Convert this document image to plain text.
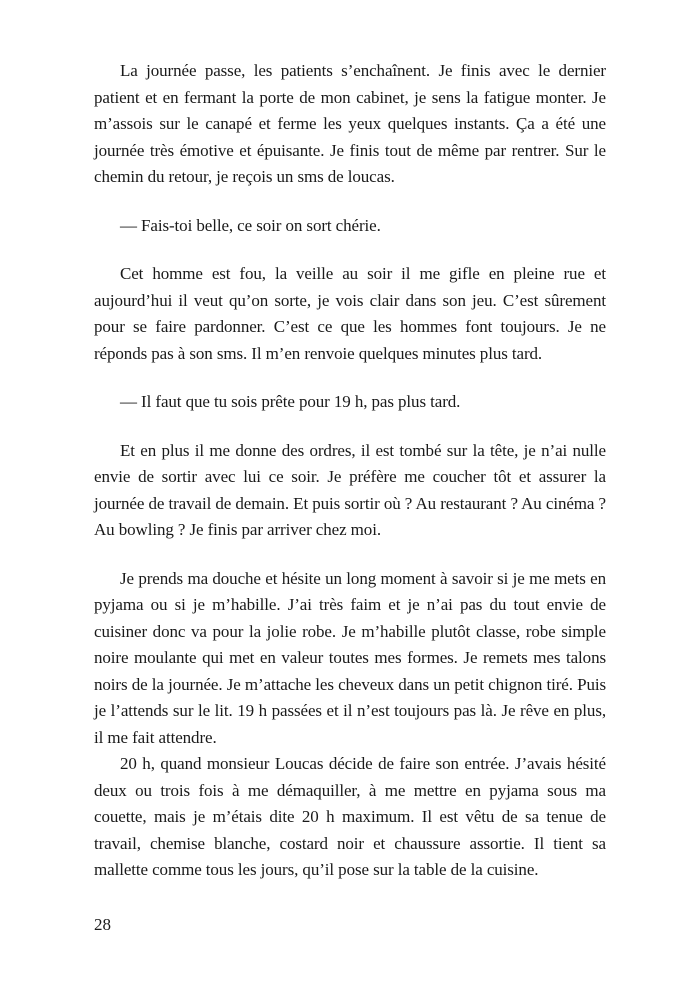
La journée passe, les patients s’enchaînent. Je finis avec le dernier patient et en fermant la porte de mon cabinet, je sens la fatigue monter. Je m’assois sur le canapé et ferme les yeux quelques instants. Ça a été une journée très émotive et épuisante. Je finis tout de même par rentrer. Sur le chemin du retour, je reçois un sms de loucas.

— Fais-toi belle, ce soir on sort chérie.

Cet homme est fou, la veille au soir il me gifle en pleine rue et aujourd’hui il veut qu’on sorte, je vois clair dans son jeu. C’est sûrement pour se faire pardonner. C’est ce que les hommes font toujours. Je ne réponds pas à son sms. Il m’en renvoie quelques minutes plus tard.

— Il faut que tu sois prête pour 19 h, pas plus tard.

Et en plus il me donne des ordres, il est tombé sur la tête, je n’ai nulle envie de sortir avec lui ce soir. Je préfère me coucher tôt et assurer la journée de travail de demain. Et puis sortir où ? Au restaurant ? Au cinéma ? Au bowling ? Je finis par arriver chez moi.

Je prends ma douche et hésite un long moment à savoir si je me mets en pyjama ou si je m’habille. J’ai très faim et je n’ai pas du tout envie de cuisiner donc va pour la jolie robe. Je m’habille plutôt classe, robe simple noire moulante qui met en valeur toutes mes formes. Je remets mes talons noirs de la journée. Je m’attache les cheveux dans un petit chignon tiré. Puis je l’attends sur le lit. 19 h passées et il n’est toujours pas là. Je rêve en plus, il me fait attendre.

20 h, quand monsieur Loucas décide de faire son entrée. J’avais hésité deux ou trois fois à me démaquiller, à me mettre en pyjama sous ma couette, mais je m’étais dite 20 h maximum. Il est vêtu de sa tenue de travail, chemise blanche, costard noir et chaussure assortie. Il tient sa mallette comme tous les jours, qu’il pose sur la table de la cuisine.

28
